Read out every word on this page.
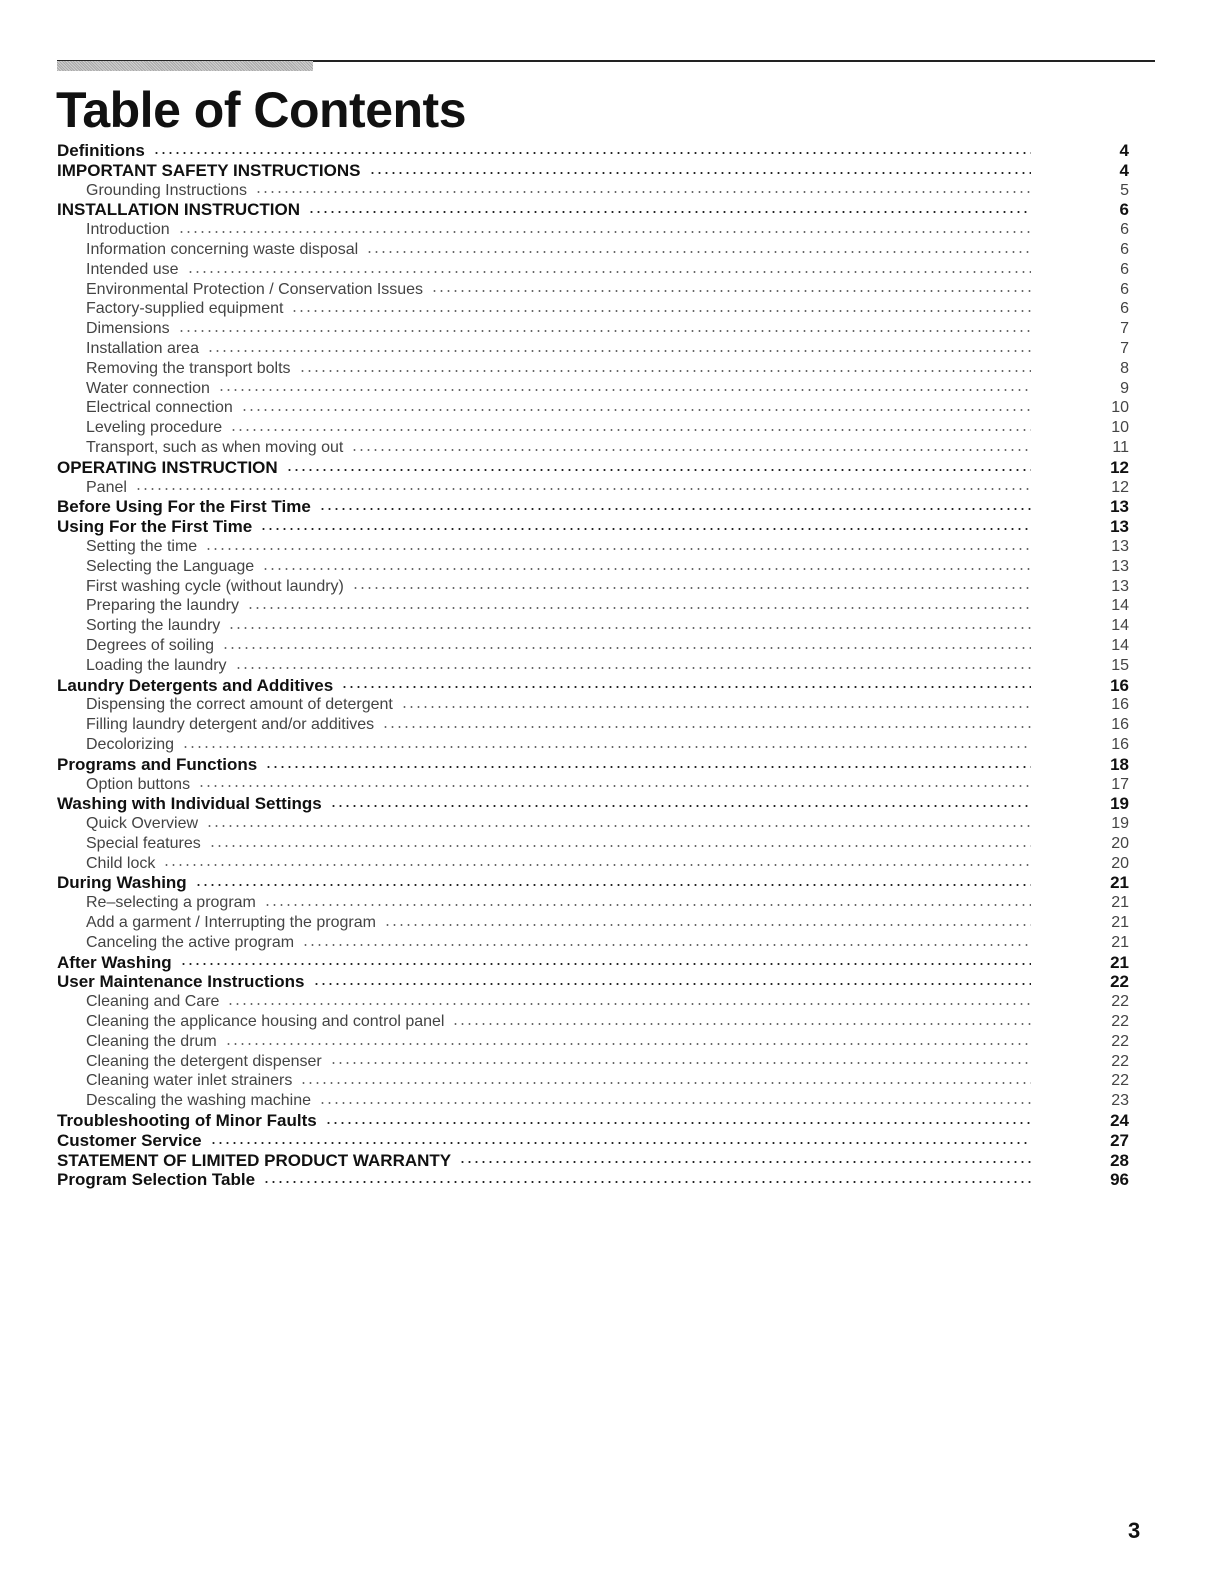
Table of Contents
Definitions	4
IMPORTANT SAFETY INSTRUCTIONS	4
Grounding Instructions	5
INSTALLATION INSTRUCTION	6
Introduction	6
Information concerning waste disposal	6
Intended use	6
Environmental Protection / Conservation Issues	6
Factory-supplied equipment	6
Dimensions	7
Installation area	7
Removing the transport bolts	8
Water connection	9
Electrical connection	10
Leveling procedure	10
Transport, such as when moving out	11
OPERATING INSTRUCTION	12
Panel	12
Before Using For the First Time	13
Using For the First Time	13
Setting the time	13
Selecting the Language	13
First washing cycle (without laundry)	13
Preparing the laundry	14
Sorting the laundry	14
Degrees of soiling	14
Loading the laundry	15
Laundry Detergents and Additives	16
Dispensing the correct amount of detergent	16
Filling laundry detergent and/or additives	16
Decolorizing	16
Programs and Functions	18
Option buttons	17
Washing with Individual Settings	19
Quick Overview	19
Special features	20
Child lock	20
During Washing	21
Re–selecting a program	21
Add a garment / Interrupting the program	21
Canceling the active program	21
After Washing	21
User Maintenance Instructions	22
Cleaning and Care	22
Cleaning the applicance housing and control panel	22
Cleaning the drum	22
Cleaning the detergent dispenser	22
Cleaning water inlet strainers	22
Descaling the washing machine	23
Troubleshooting of Minor Faults	24
Customer Service	27
STATEMENT OF LIMITED PRODUCT WARRANTY	28
Program Selection Table	96
3
